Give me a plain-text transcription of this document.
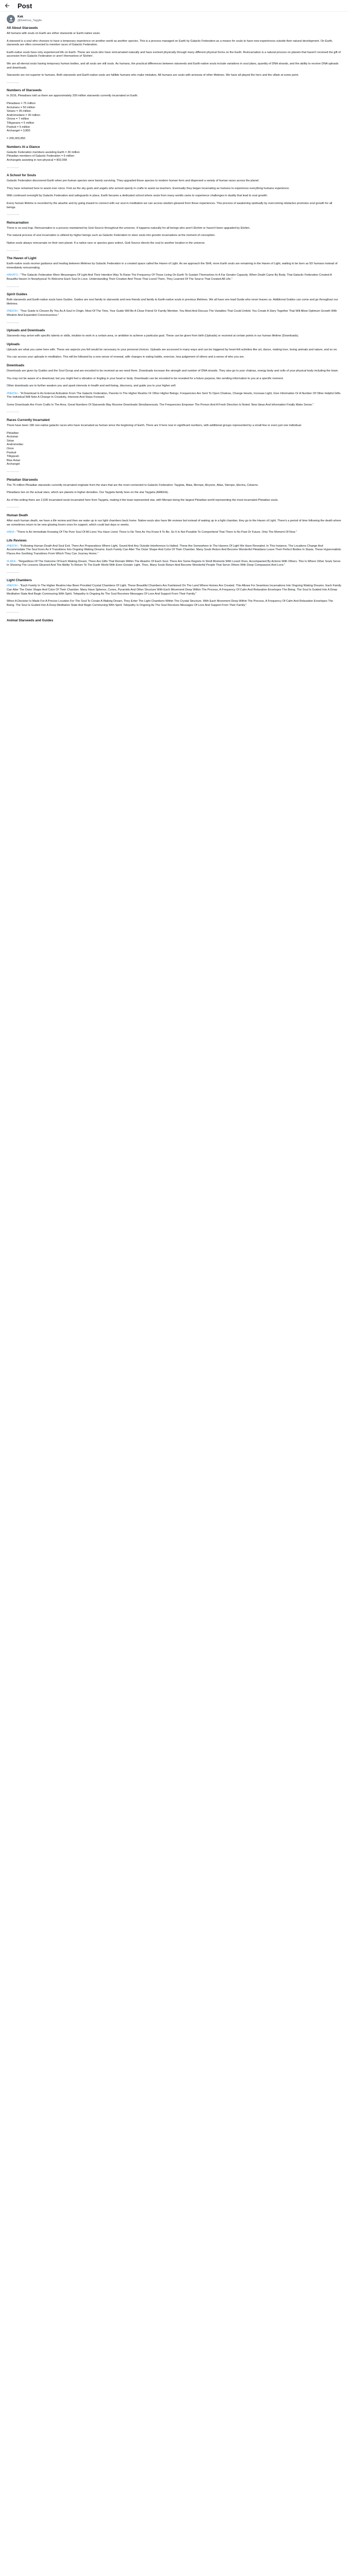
Post
Kek
@Kekimus_Tagglio
All About Starseeds

All humans with souls on Earth are either starseeds or Earth-native souls.

A starseed is a soul who chooses to have a temporary experience on another world as another species. This is a process managed on Earth by Galactic Federation as a means for souls to have new experiences outside their natural development. On Earth, starseeds are often connected to member races of Galactic Federation.

Earth-native souls have only experienced life on Earth. These are souls who have reincarnated naturally and have evolved physically through many different physical forms on the Earth. Reincarnation is a natural process on planets that haven't received the gift of ascension from Galactic Federation or aren't themselves of 'Elohim'.

We are all eternal souls having temporary human bodies, and all souls are still souls. As humans, the practical differences between starseeds and Earth-native souls include variations in soul plans, quantity of DNA strands, and the ability to receive DNA uploads and downloads.

Starseeds are not superior to humans. Both starseeds and Earth-native souls are fallible humans who make mistakes. All humans are souls with amnesia of other lifetimes. We have all played the hero and the villain at some point.

————
Numbers of Starseeds

In 2016, Pleiadians told us there are approximately 200 million starseeds currently incarnated on Earth.

Pleiadians = 75 million
Arcturians = 50 million
Sirians = 35 million
Andromedans = 30 million
Orions = 7 million
Tilkypeans = 5 million
Peeksit = 5 million
Archangel = 3,850

= 200,003,850
Numbers At a Glance
Galactic Federation members assisting Earth = 30 million
Pleiadian members of Galactic Federation = 6 million
Archangels assisting in non-physical = 802,058
————
A School for Souls

Galactic Federation discovered Earth when pre-human species were barely surviving. They upgraded those species to modern human form and dispersed a variety of human races across the planet.

They have remained here to assist ever since. First as the sky gods and angels who arrived openly in crafts to assist as teachers. Eventually they began incarnating as humans to experience everything humans experience.

With continued oversight by Galactic Federation and safeguards in place, Earth became a dedicated school where souls from many worlds came to experience challenges in duality that lead to soul growth.

Every human lifetime is recorded by the akashic and by going inward to connect with our soul in meditation we can access wisdom gleaned from these experiences. This process of awakening spiritually by overcoming obstacles promotes soul growth for all beings.

————
Reincarnation

There is no soul trap. Reincarnation is a process maintained by God-Source throughout the universe. It happens naturally for all beings who aren't Elohim or haven't been upgraded by Elohim.

The natural process of soul incarnation is utilized by higher beings such as Galactic Federation to steer souls into genetic incarnations at the moment of conception.

Native souls always reincarnate on their own planet. If a native race or species goes extinct, God-Source directs the soul to another location in the universe.

————
The Haven of Light

Earth-native souls receive guidance and healing between lifetimes by Galactic Federation in a created space called the Haven of Light. As we approach the Shift, more Earth souls are remaining in the Haven of Light, waiting to be born as 5D humans instead of immediately reincarnating.

#AKATO - "The Galactic Federation Were Messengers Of Light And Their Intention Was To Raise The Frequency Of Those Living On Earth To Sustain Themselves In A Far Greater Capacity. When Death Came By Body, That Galactic Federation Created A Beautiful Haven In Nonphysical To Welcome Each Soul In Love. Understanding Their Creation And Those That Loved Them, They Learned Of The Source That Created All Life."

————
Spirit Guides

Both starseeds and Earth-native souls have Guides. Guides are soul family to starseeds and new friends and family to Earth-native souls in previous lifetimes. We all have one lead Guide who never leaves us. Additional Guides can come and go throughout our lifetimes.

#NEIOH - "Your Guide Is Chosen By You As A Soul In Origin. Most Of The Time, Your Guide Will Be A Close Friend Or Family Member. You Meet And Discuss The Variables That Could Unfold. You Create A Story Together That Will Allow Optimum Growth With Wisdom And Expanded Consciousness."

————
Uploads and Downloads

Starseeds may arrive with specific talents or skills, intuition to work in a certain area, or ambition to achieve a particular goal. These can be given from birth (Uploads) or received at certain points in our human lifetime (Downloads).

Uploads

Uploads are what you came here with. These are aspects you felt would be necessary to your personal choices. Uploads are accessed in many ways and can be triggered by heart-felt activities like art, dance, making love, loving animals and nature, and so on.

You can access your uploads in meditation. This will be followed by a new sense of renewal, with changes in eating habits, exercise, less judgement of others and a sense of who you are.

Downloads

Downloads are given by Guides and the Soul Group and are encoded to be received as we need them. Downloads increase the strength and number of DNA strands. They also go to your chakras, energy body and cells of your physical body including the brain.

You may not be aware of a download, but you might feel a vibration or tingling in your head or body. Downloads can be encoded to be revealed for a future purpose, like sending information to you at a specific moment.

Other downloads are to further awaken you and spark interests in health and well-being, discovery, and guide you to your higher self.

#NEIOH - "A Download Is An External Activation From The Galactic Federation, Parents In The Higher Realms Or Other Higher Beings. Frequencies Are Sent To Open Chakras, Change Hearts, Increase Light, Give Information Or A Number Of Other Helpful Gifts. The Individual Will Note A Change In Creativity, Interests And Steps Forward.

Some Downloads Are From Crafts In The Area. Great Numbers Of Starseeds May Receive Downloads Simultaneously. The Frequencies Empower The Person And A Fresh Direction Is Noted. New Ideas And Information Finally Make Sense."

————
Races Currently Incarnated

There have been 180 non-native galactic races who have incarnated as human since the beginning of Earth. There are 9 here now in significant numbers, with additional groups represented by a small few or even just one individual.

Pleiadian
Arcturian
Sirian
Andromedan
Orion
Peeksit
Tilkypeah
Blue Avian
Archangel
————
Pleiadian Starseeds

The 75 million Pleiadian starseeds currently incarnated originate from the stars that are the most connected to Galactic Federation: Taygeta, Maia, Merope, Alcyone, Atlas, Sterope, Electra, Celaeno.

Pleiadians live on the actual stars, which are planets in higher densities. Our Taygeta family lives on the star Taygeta (AMEKA).

As of this writing there are 2,630 incarnated souls incarnated here from Taygeta, making it the least represented star, with Merope being the largest Pleiadian world representing the most incarnated Pleiadian souls.

————
Human Death

After each human death, we have a life review and then we wake up in our light chambers back home. Native-souls also have life reviews but instead of waking up in a light chamber, they go to the Haven of Light. There's a period of time following the death where we sometimes return to be new glowing lovers ones for support, which could last days or weeks.

#AKA - "There Is An Immediate Knowing Of The Pure Soul Of All Lives You Have Lived. There Is No Time As You Know It To Be, So It Is Not Possible To Comprehend That There Is No Past Or Future. Only The Moment Of Now."

Life Reviews

#NEIOH - "Following Human Death And Soul Exit, There Are Preparations Where Light, Sound And Any Outside Interference Is Halted. These Are Somewhere In The Havens Of Light We Have Revealed. In This Instance, The Locations Change And Accommodate The Soul Even As It Transitions Into Ongoing Waking Dreams. Each Family Can Alter The Outer Shape And Color Of Their Chamber. Many Souls Return And Become Wonderful Pleiadians Leave Their Perfect Bodies In Stasis, These Hyperrealistic Places Are Soothing Transitions From Which They Can Journey Home."

#LAKA - "Regardless Of The Outcome Of Each Waking Dream, There Are Gifts That Remain Within The Akashic Of Each Soul. There Are Some Regrets In Stroll Moments With Loved Ones, Accompanied By Actions With Others. This Is Where Other Souls Serve In Showing The Lessons Gleaned And The Ability To Return To The Earth World With Even Greater Light. Then, Many Souls Return And Become Wonderful People That Serve Others With Deep Compassion And Love."

————
Light Chambers

#NEIOH - "Each Family In The Higher Realms Has Been Provided Crystal Chambers Of Light. These Beautiful Chambers Are Fashioned On The Land Where Homes Are Created. This Allows For Seamless Incarnations Into Ongoing Waking Dreams. Each Family Can Alter The Outer Shape And Color Of Their Chamber. Many Have Spheres, Cones, Pyramids And Other Structure With Each Movement Deep Within The Process, A Frequency Of Calm And Relaxation Envelopes The Being. The Soul Is Guided Into A Deep Meditative State And Begin Communing With Spirit. Telepathy Is Ongoing As The Soul Receives Messages Of Love And Support From Their Family."

When A Decision Is Made For A Precise Location For The Soul To Create A Waking Dream, They Enter The Light Chambers Within The Crystal Structure. With Each Movement Deep Within The Process, A Frequency Of Calm And Relaxation Envelopes The Being. The Soul Is Guided Into A Deep Meditative State And Begin Communing With Spirit. Telepathy Is Ongoing As The Soul Receives Messages Of Love And Support From Their Family."

————
Animal Starseeds and Guides
